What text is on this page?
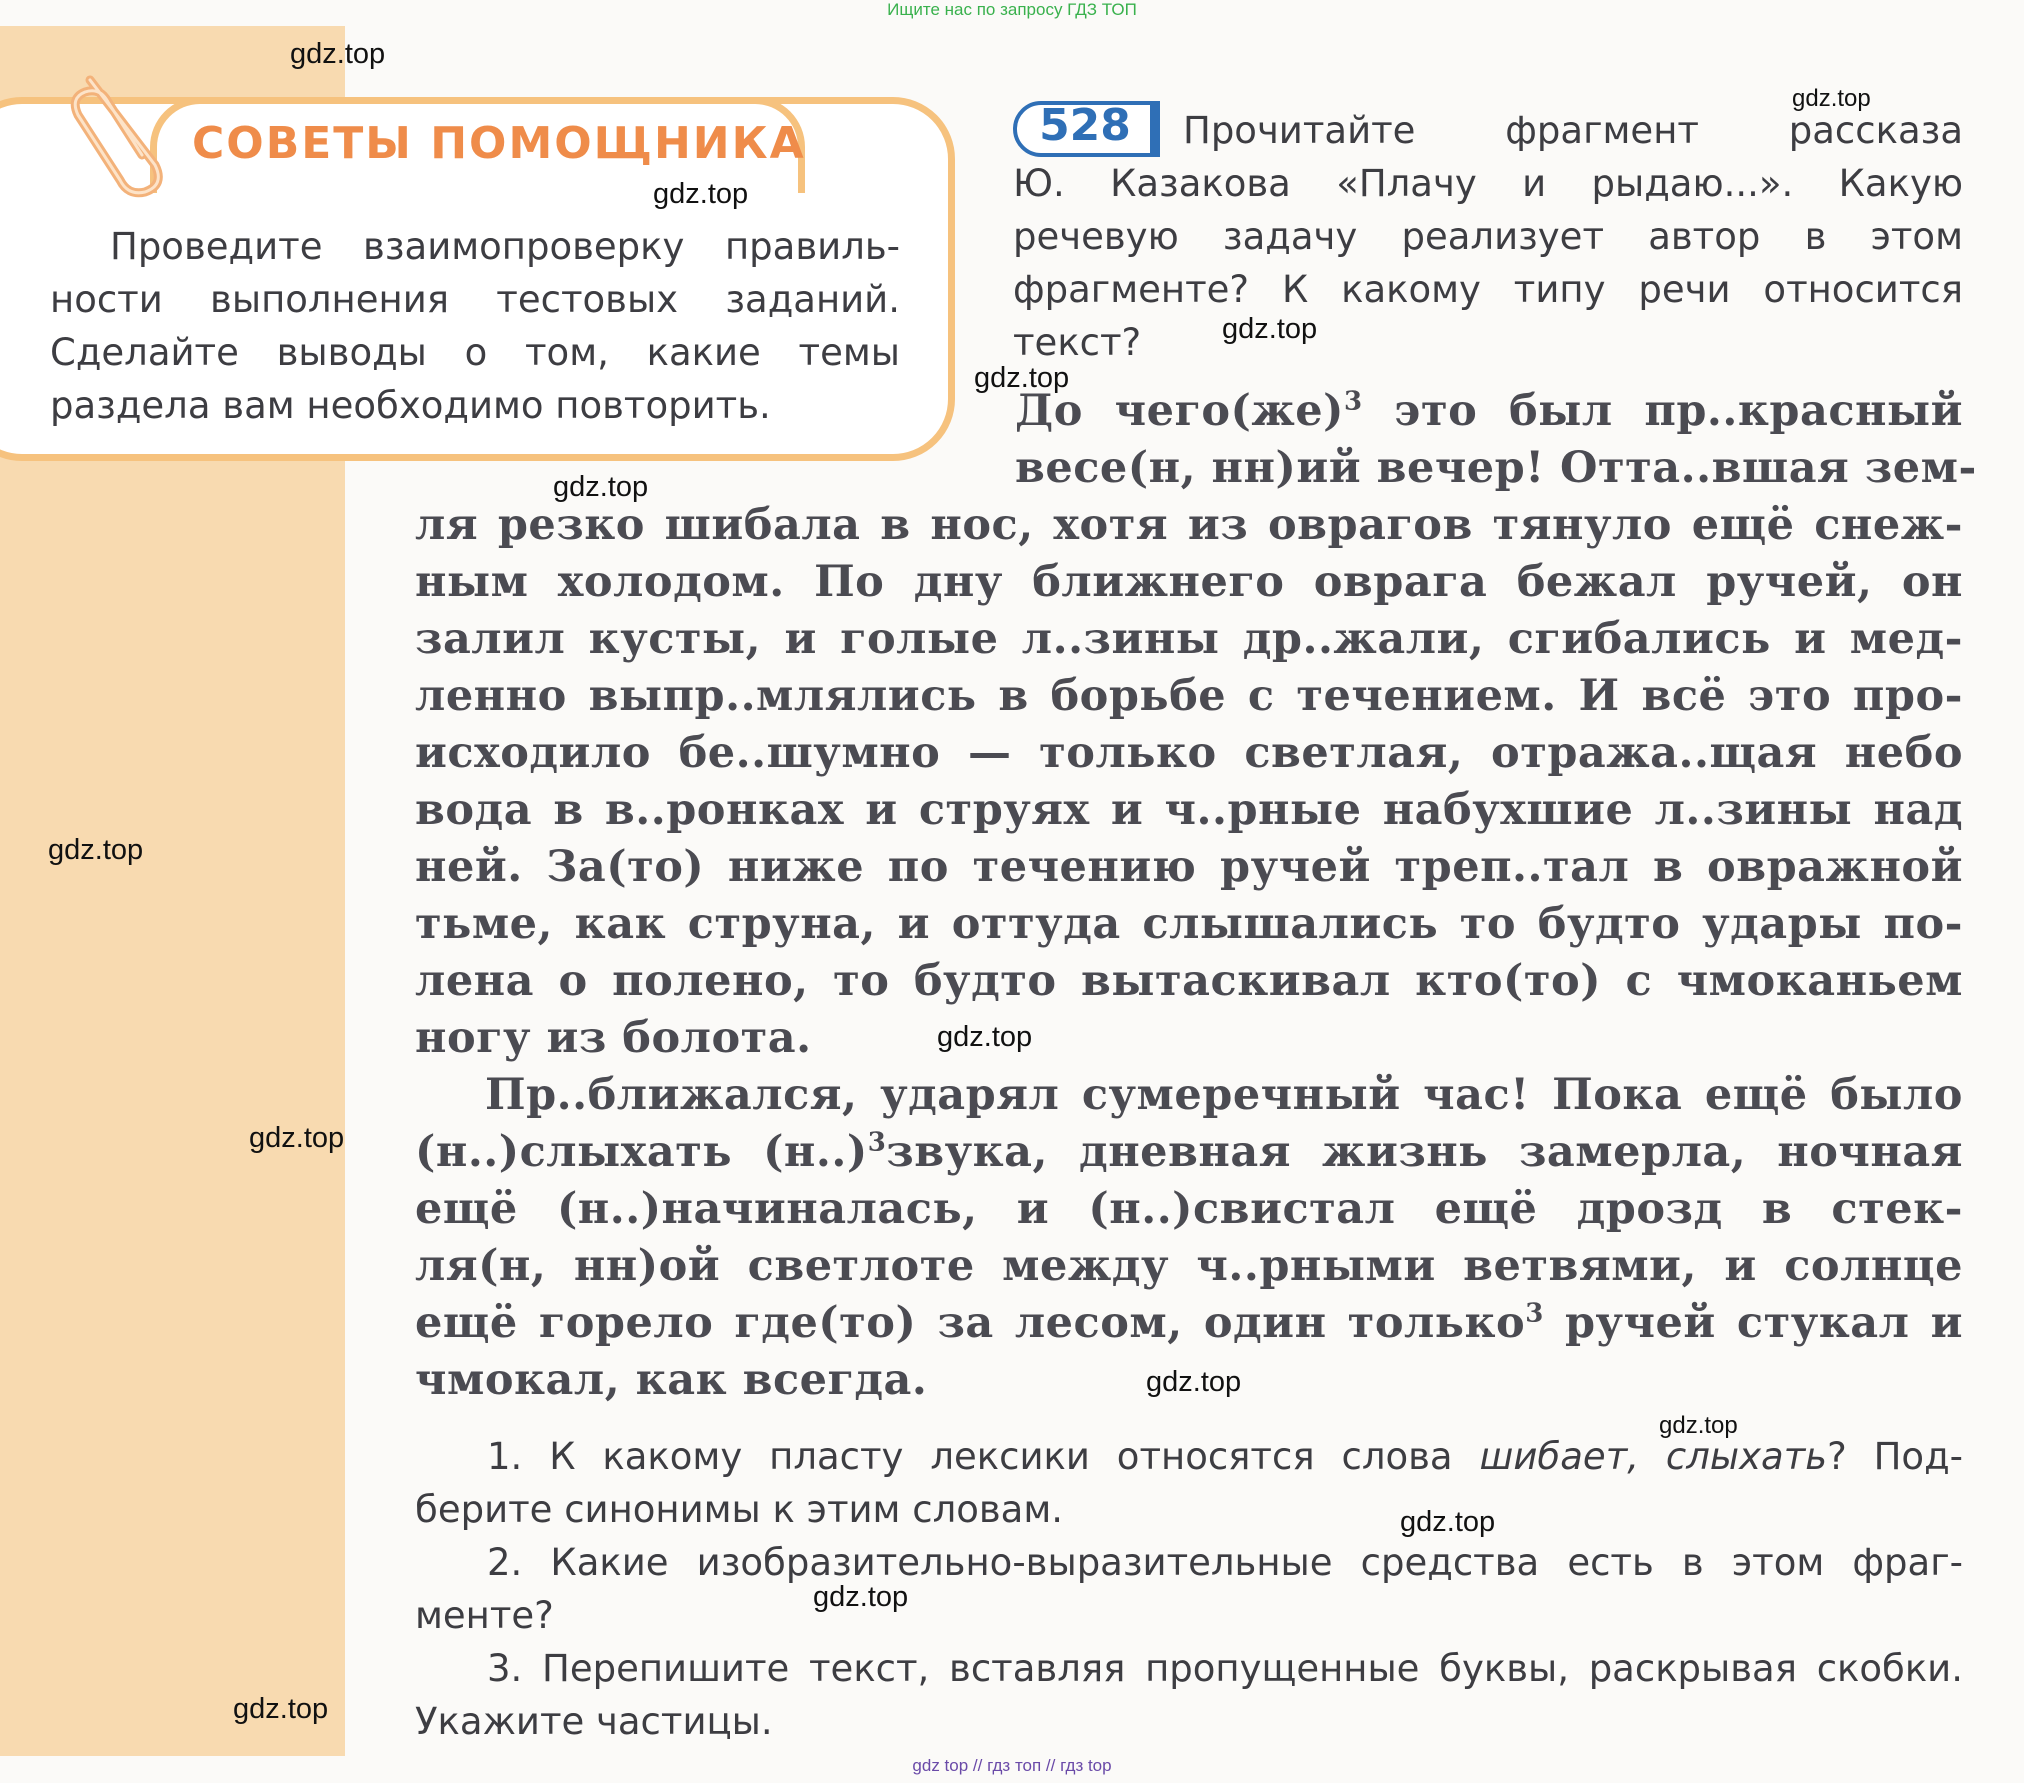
Ищите нас по запросу ГДЗ ТОП
СОВЕТЫ ПОМОЩНИКА
Проведите взаимопроверку правиль-
ности выполнения тестовых заданий.
Сделайте выводы о том, какие темы
раздела вам необходимо повторить.
528	Прочитайте фрагмент рассказа
Ю. Казакова «Плачу и рыдаю...». Какую
речевую задачу реализует автор в этом
фрагменте? К какому типу речи относится
текст?
До чего(же)$^3$ это был пр..красный
весе(н, нн)ий вечер! Отта..вшая зем-
ля резко шибала в нос, хотя из оврагов тянуло ещё снеж-
ным холодом. По дну ближнего оврага бежал ручей, он
залил кусты, и голые л..зины др..жали, сгибались и мед-
ленно выпр..млялись в борьбе с течением. И всё это про-
исходило бе..шумно — только светлая, отража..щая небо
вода в в..ронках и струях и ч..рные набухшие л..зины над
ней. За(то) ниже по течению ручей треп..тал в овражной
тьме, как струна, и оттуда слышались то будто удары по-
лена о полено, то будто вытаскивал кто(то) с чмоканьем
ногу из болота.
Пр..ближался, ударял сумеречный час! Пока ещё было
(н..)слыхать $(н..)^3звука$, дневная жизнь замерла, ночная
ещё (н..)начиналась, и (н..)свистал ещё дрозд в стек-
ля(н, нн)ой светлоте между ч..рными ветвями, и солнце
ещё горело где(то) за лесом, один только$^3$ ручей стукал и
чмокал, как всегда.
1. К какому пласту лексики относятся слова шибает, слыхать? Под-
берите синонимы к этим словам.
2. Какие изобразительно-выразительные средства есть в этом фраг-
менте?
3. Перепишите текст, вставляя пропущенные буквы, раскрывая скобки.
Укажите частицы.
gdz.top
gdz.top
gdz.top
gdz.top
gdz.top
gdz.top
gdz.top
gdz.top
gdz.top
gdz.top
gdz.top
gdz.top
gdz.top
gdz.top
gdz top // гдз топ // гдз top
